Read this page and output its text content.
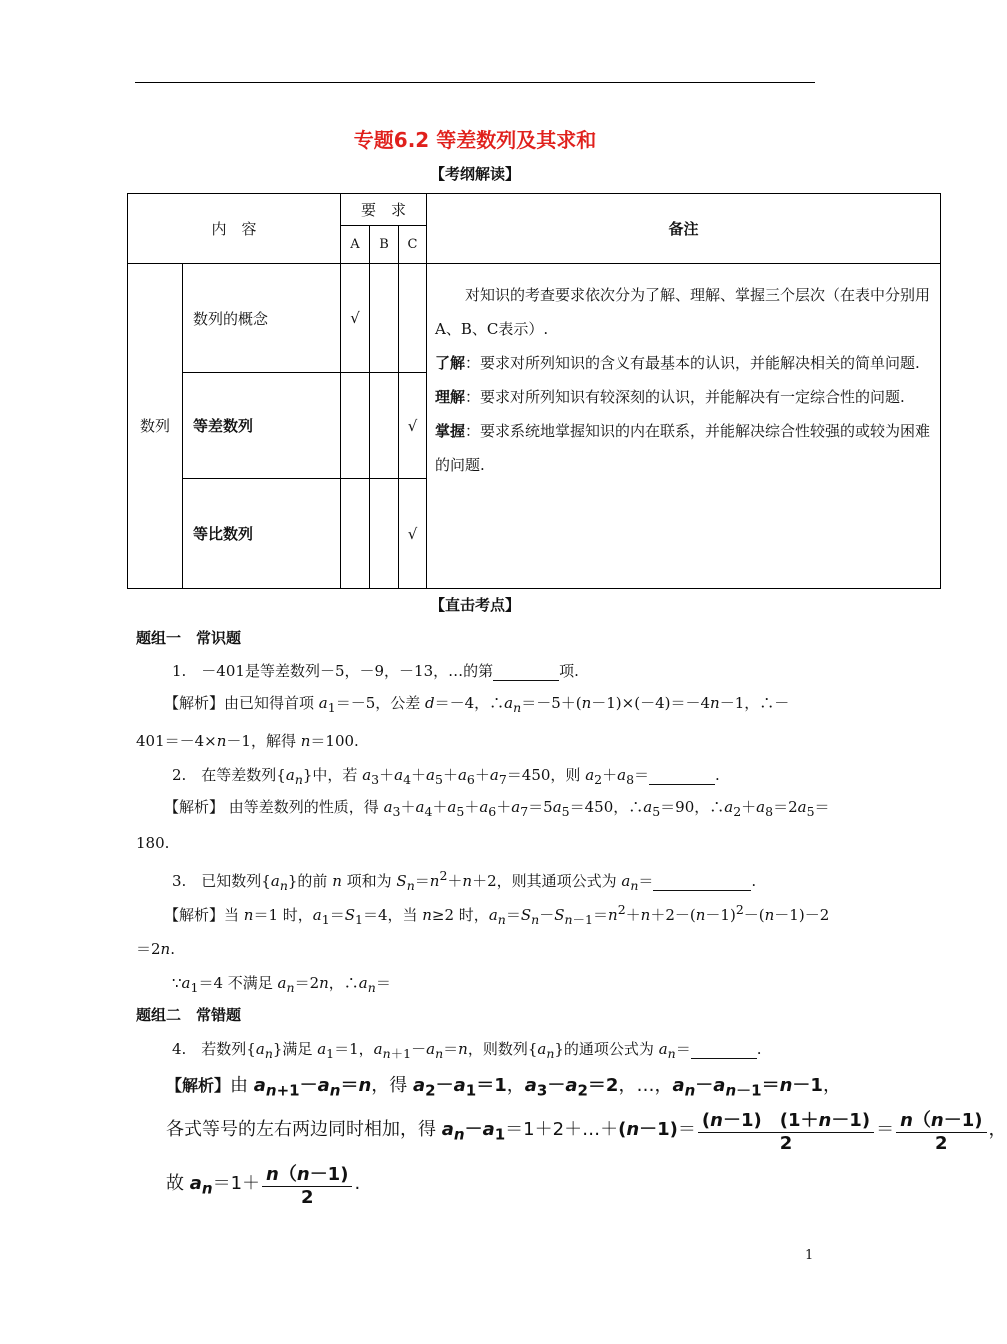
专题6.2 等差数列及其求和
【考纲解读】
内　容		要　求			备注
		A	B	C	
数列	数列的概念	√			对知识的考查要求依次分为了解、理解、掌握三个层次（在表中分别用A、B、C表示）.
了解：要求对所列知识的含义有最基本的认识，并能解决相关的简单问题.
理解：要求对所列知识有较深刻的认识，并能解决有一定综合性的问题.
掌握：要求系统地掌握知识的内在联系，并能解决综合性较强的或较为困难的问题.

	等差数列			√	
	等比数列			√	
【直击考点】
题组一　常识题
1.　－401是等差数列－5，－9，－13，…的第	项.
【解析】由已知得首项 $a_1=-5$，公差 d＝－4，$\therefore a_n=-5+(n-1)\times(-4)=-4n-1$，∴－
401＝－4×n－1，解得 n＝100.
2.　在等差数列$\{a_n\}$中，若 $a_3+a_4+a_5+a_6+a_7=450$，则 $a_2+a_8=$	.
【解析】 由等差数列的性质，得 $a_3+a_4+a_5+a_6+a_7=5a_5=450$，$\therefore a_5=90$，$\therefore a_2+a_8=2a_5=$
180.
3.　已知数列$\{a_n\}$的前 n 项和为 $S_n=n^2+n+2$，则其通项公式为 $a_n=$	.
【解析】当 n＝1 时，$a_1=S_1=4$，当 n≥2 时，$a_n=S_n-S_{n-1}=n^2+n+2-(n-1)^2-(n-1)-2$
＝2n.
$\because a_1=4$ 不满足 $a_n=2n$，$\therefore a_n=$
题组二　常错题
4.　若数列$\{a_n\}$满足 $a_1=1$，$a_{n+1}-a_n=n$，则数列$\{a_n\}$的通项公式为 $a_n=$	.
【解析】由 $a_{n+1}-a_n=n$，得 $a_2-a_1=1$，$a_3-a_2=2$，…，$a_n-a_{n-1}=n-1$，
各式等号的左右两边同时相加，得 $a_n-a_1=1+2+\dots+(n-1)= \frac{(n-1) (1+n-1)}{2} = \frac{n(n-1)}{2}$ ，
故 $a_n=1+ \frac{n(n-1)}{2}$ .
1
